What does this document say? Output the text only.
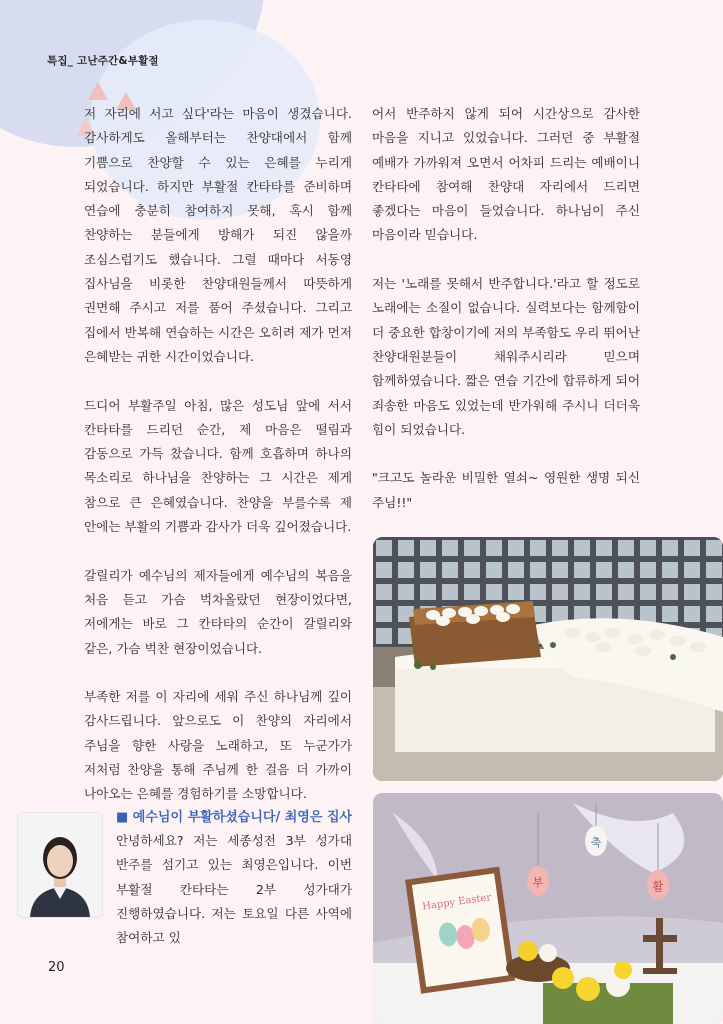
특집_ 고난주간&부활절

저 자리에 서고 싶다'라는 마음이 생겼습니다. 감사하게도 올해부터는 찬양대에서 함께 기쁨으로 찬양할 수 있는 은혜를 누리게 되었습니다. 하지만 부활절 칸타타를 준비하며 연습에 충분히 참여하지 못해, 혹시 함께 찬양하는 분들에게 방해가 되진 않을까 조심스럽기도 했습니다. 그럴 때마다 서동영 집사님을 비롯한 찬양대원들께서 따뜻하게 권면해 주시고 저를 품어 주셨습니다. 그리고 집에서 반복해 연습하는 시간은 오히려 제가 먼저 은혜받는 귀한 시간이었습니다.

드디어 부활주일 아침, 많은 성도님 앞에 서서 칸타타를 드리던 순간, 제 마음은 떨림과 감동으로 가득 찼습니다. 함께 호흡하며 하나의 목소리로 하나님을 찬양하는 그 시간은 제게 참으로 큰 은혜였습니다. 찬양을 부를수록 제 안에는 부활의 기쁨과 감사가 더욱 깊어졌습니다.

갈릴리가 예수님의 제자들에게 예수님의 복음을 처음 듣고 가슴 벅차올랐던 현장이었다면, 저에게는 바로 그 칸타타의 순간이 갈릴리와 같은, 가슴 벅찬 현장이었습니다.

부족한 저를 이 자리에 세워 주신 하나님께 깊이 감사드립니다. 앞으로도 이 찬양의 자리에서 주님을 향한 사랑을 노래하고, 또 누군가가 저처럼 찬양을 통해 주님께 한 걸음 더 가까이 나아오는 은혜를 경험하기를 소망합니다.

어서 반주하지 않게 되어 시간상으로 감사한 마음을 지니고 있었습니다. 그러던 중 부활절 예배가 가까워져 오면서 어차피 드리는 예배이니 칸타타에 참여해 찬양대 자리에서 드리면 좋겠다는 마음이 들었습니다. 하나님이 주신 마음이라 믿습니다.

저는 '노래를 못해서 반주합니다.'라고 할 정도로 노래에는 소질이 없습니다. 실력보다는 함께함이 더 중요한 합창이기에 저의 부족함도 우리 뛰어난 찬양대원분들이 채워주시리라 믿으며 함께하였습니다. 짧은 연습 기간에 합류하게 되어 죄송한 마음도 있었는데 반가워해 주시니 더더욱 힘이 되었습니다.

"크고도 놀라운 비밀한 열쇠~ 영원한 생명 되신 주님!!"

부	활
축
Happy Easter
■ 예수님이 부활하셨습니다/ 최영은 집사

안녕하세요? 저는 세종성전 3부 성가대 반주를 섬기고 있는 최영은입니다. 이번 부활절 칸타타는 2부 성가대가 진행하였습니다. 저는 토요일 다른 사역에 참여하고 있

20
